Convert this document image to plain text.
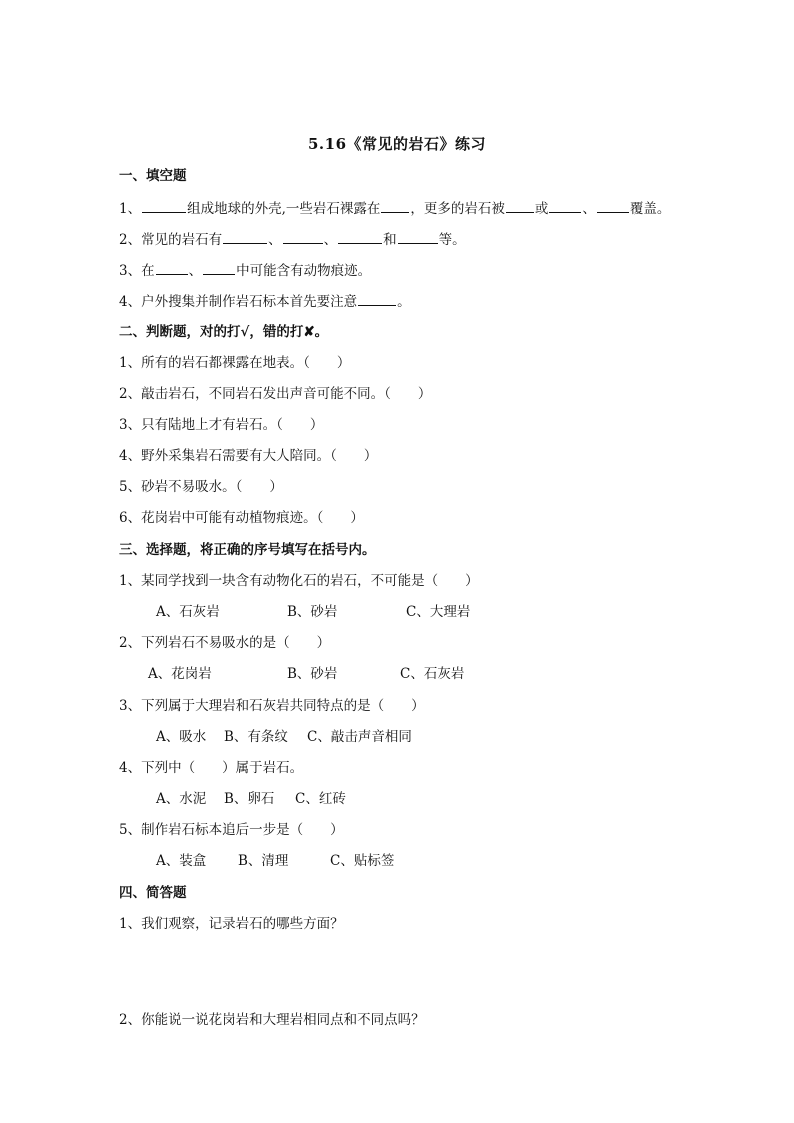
5.16《常见的岩石》练习
一、填空题
1、	组成地球的外壳,一些岩石裸露在 ，更多的岩石被 或	、	覆盖。
2、常见的岩石有	、	、	和	等。
3、在	、	中可能含有动物痕迹。
4、户外搜集并制作岩石标本首先要注意	。
二、判断题，对的打√，错的打✘。
1、所有的岩石都裸露在地表。（　　）
2、敲击岩石，不同岩石发出声音可能不同。（　　）
3、只有陆地上才有岩石。（　　）
4、野外采集岩石需要有大人陪同。（　　）
5、砂岩不易吸水。（　　）
6、花岗岩中可能有动植物痕迹。（　　）
三、选择题，将正确的序号填写在括号内。
1、某同学找到一块含有动物化石的岩石，不可能是（　　）
A、石灰岩	B、砂岩	C、大理岩
2、下列岩石不易吸水的是（　　）
A、花岗岩	B、砂岩	C、石灰岩
3、下列属于大理岩和石灰岩共同特点的是（　　）
A、吸水 B、有条纹 C、敲击声音相同
4、下列中（　　）属于岩石。
A、水泥 B、卵石 C、红砖
5、制作岩石标本追后一步是（　　）
A、装盒 B、清理	C、贴标签
四、简答题
1、我们观察，记录岩石的哪些方面？
2、你能说一说花岗岩和大理岩相同点和不同点吗？
